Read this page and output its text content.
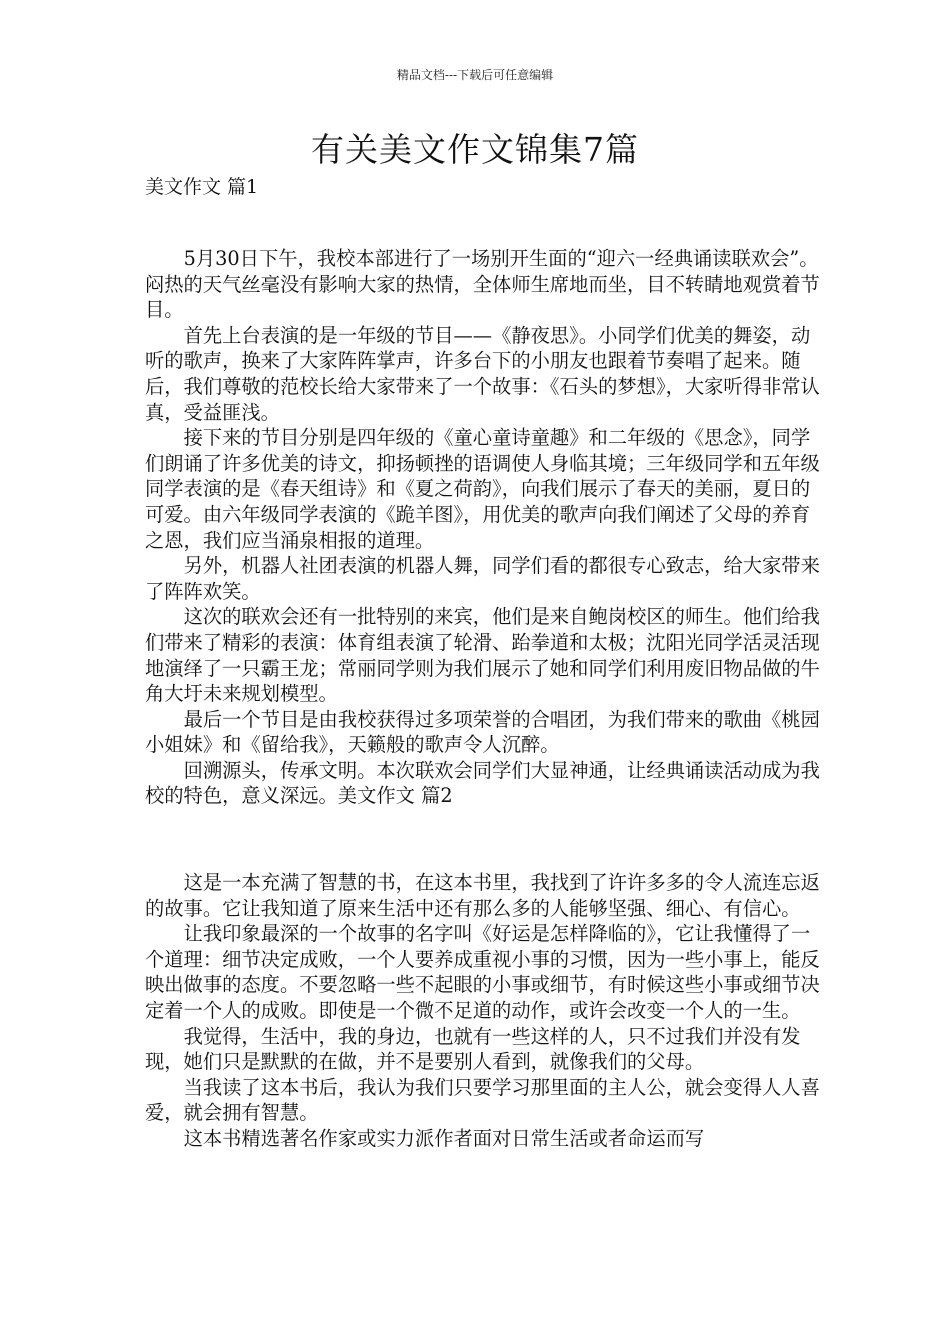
精品文档---下载后可任意编辑
有关美文作文锦集7篇
美文作文 篇1

5月30日下午，我校本部进行了一场别开生面的“迎六一经典诵读联欢会”。闷热的天气丝毫没有影响大家的热情，全体师生席地而坐，目不转睛地观赏着节目。

首先上台表演的是一年级的节目——《静夜思》。小同学们优美的舞姿，动听的歌声，换来了大家阵阵掌声，许多台下的小朋友也跟着节奏唱了起来。随后，我们尊敬的范校长给大家带来了一个故事：《石头的梦想》，大家听得非常认真，受益匪浅。

接下来的节目分别是四年级的《童心童诗童趣》和二年级的《思念》，同学们朗诵了许多优美的诗文，抑扬顿挫的语调使人身临其境；三年级同学和五年级同学表演的是《春天组诗》和《夏之荷韵》，向我们展示了春天的美丽，夏日的可爱。由六年级同学表演的《跪羊图》，用优美的歌声向我们阐述了父母的养育之恩，我们应当涌泉相报的道理。

另外，机器人社团表演的机器人舞，同学们看的都很专心致志，给大家带来了阵阵欢笑。

这次的联欢会还有一批特别的来宾，他们是来自鲍岗校区的师生。他们给我们带来了精彩的表演：体育组表演了轮滑、跆拳道和太极；沈阳光同学活灵活现地演绎了一只霸王龙；常丽同学则为我们展示了她和同学们利用废旧物品做的牛角大圩未来规划模型。

最后一个节目是由我校获得过多项荣誉的合唱团，为我们带来的歌曲《桃园小姐妹》和《留给我》，天籁般的歌声令人沉醉。

回溯源头，传承文明。本次联欢会同学们大显神通，让经典诵读活动成为我校的特色，意义深远。美文作文 篇2

这是一本充满了智慧的书，在这本书里，我找到了许许多多的令人流连忘返的故事。它让我知道了原来生活中还有那么多的人能够坚强、细心、有信心。

让我印象最深的一个故事的名字叫《好运是怎样降临的》，它让我懂得了一个道理：细节决定成败，一个人要养成重视小事的习惯，因为一些小事上，能反映出做事的态度。不要忽略一些不起眼的小事或细节，有时候这些小事或细节决定着一个人的成败。即使是一个微不足道的动作，或许会改变一个人的一生。

我觉得，生活中，我的身边，也就有一些这样的人，只不过我们并没有发现，她们只是默默的在做，并不是要别人看到，就像我们的父母。

当我读了这本书后，我认为我们只要学习那里面的主人公，就会变得人人喜爱，就会拥有智慧。

这本书精选著名作家或实力派作者面对日常生活或者命运而写
